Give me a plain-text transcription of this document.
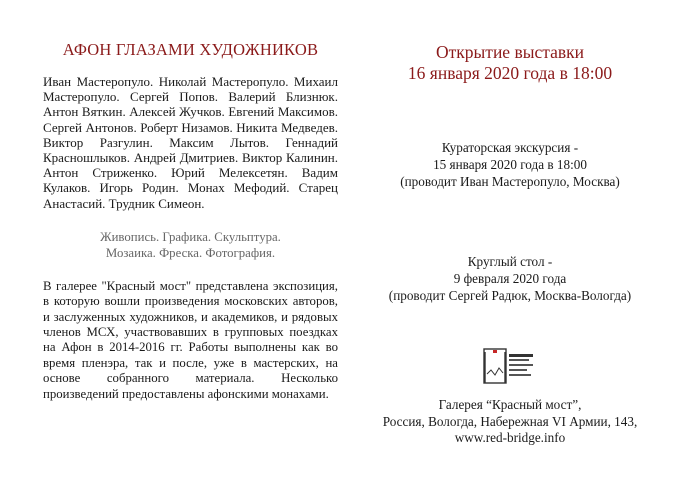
АФОН ГЛАЗАМИ ХУДОЖНИКОВ

Иван Мастеропуло. Николай Мастеропуло. Михаил Мастеропуло. Сергей Попов. Валерий Близнюк. Антон Вяткин. Алексей Жучков. Евгений Максимов. Сергей Антонов. Роберт Низамов. Никита Медведев. Виктор Разгулин. Максим Лытов. Геннадий Красношлыков. Андрей Дмитриев. Виктор Калинин. Антон Стриженко. Юрий Мелексетян. Вадим Кулаков. Игорь Родин. Монах Мефодий. Старец Анастасий. Трудник Симеон.

Живопись. Графика. Скульптура.
Мозаика. Фреска. Фотография.
В галерее "Красный мост" представлена экспозиция, в которую вошли произведения московских авторов, и заслуженных художников, и академиков, и рядовых членов МСХ, участвовавших в групповых поездках на Афон в 2014-2016 гг. Работы выполнены как во время пленэра, так и после, уже в мастерских, на основе собранного материала. Несколько произведений предоставлены афонскими монахами.
Открытие выставки
16 января 2020 года в 18:00
Кураторская экскурсия -
15 января 2020 года в 18:00
(проводит Иван Мастеропуло, Москва)
Круглый стол -
9 февраля 2020 года
(проводит Сергей Радюк, Москва-Вологда)
Галерея “Красный мост”,
Россия, Вологда, Набережная VI Армии, 143,
www.red-bridge.info
